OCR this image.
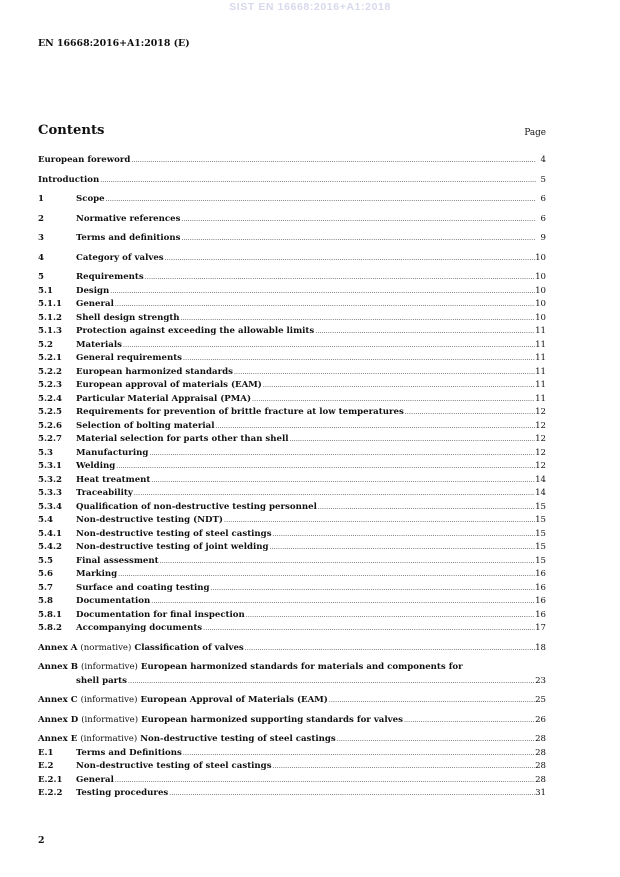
SIST EN 16668:2016+A1:2018
EN 16668:2016+A1:2018 (E)
Contents	Page
European foreword .....	4
Introduction .....	5
1	Scope .....	6
2	Normative references .....	6
3	Terms and definitions .....	9
4	Category of valves .....	10
5	Requirements .....	10
5.1	Design .....	10
5.1.1	General .....	10
5.1.2	Shell design strength .....	10
5.1.3	Protection against exceeding the allowable limits .....	11
5.2	Materials .....	11
5.2.1	General requirements .....	11
5.2.2	European harmonized standards .....	11
5.2.3	European approval of materials (EAM) .....	11
5.2.4	Particular Material Appraisal (PMA) .....	11
5.2.5	Requirements for prevention of brittle fracture at low temperatures .....	12
5.2.6	Selection of bolting material .....	12
5.2.7	Material selection for parts other than shell .....	12
5.3	Manufacturing .....	12
5.3.1	Welding .....	12
5.3.2	Heat treatment .....	14
5.3.3	Traceability .....	14
5.3.4	Qualification of non-destructive testing personnel .....	15
5.4	Non-destructive testing (NDT) .....	15
5.4.1	Non-destructive testing of steel castings .....	15
5.4.2	Non-destructive testing of joint welding .....	15
5.5	Final assessment .....	15
5.6	Marking .....	16
5.7	Surface and coating testing .....	16
5.8	Documentation .....	16
5.8.1	Documentation for final inspection .....	16
5.8.2	Accompanying documents .....	17
Annex A (normative) Classification of valves .....	18
Annex B (informative) European harmonized standards for materials and components for
shell parts .....	23
Annex C (informative) European Approval of Materials (EAM) .....	25
Annex D (informative) European harmonized supporting standards for valves .....	26
Annex E (informative) Non-destructive testing of steel castings .....	28
E.1	Terms and Definitions .....	28
E.2	Non-destructive testing of steel castings .....	28
E.2.1	General .....	28
E.2.2	Testing procedures .....	31
2
